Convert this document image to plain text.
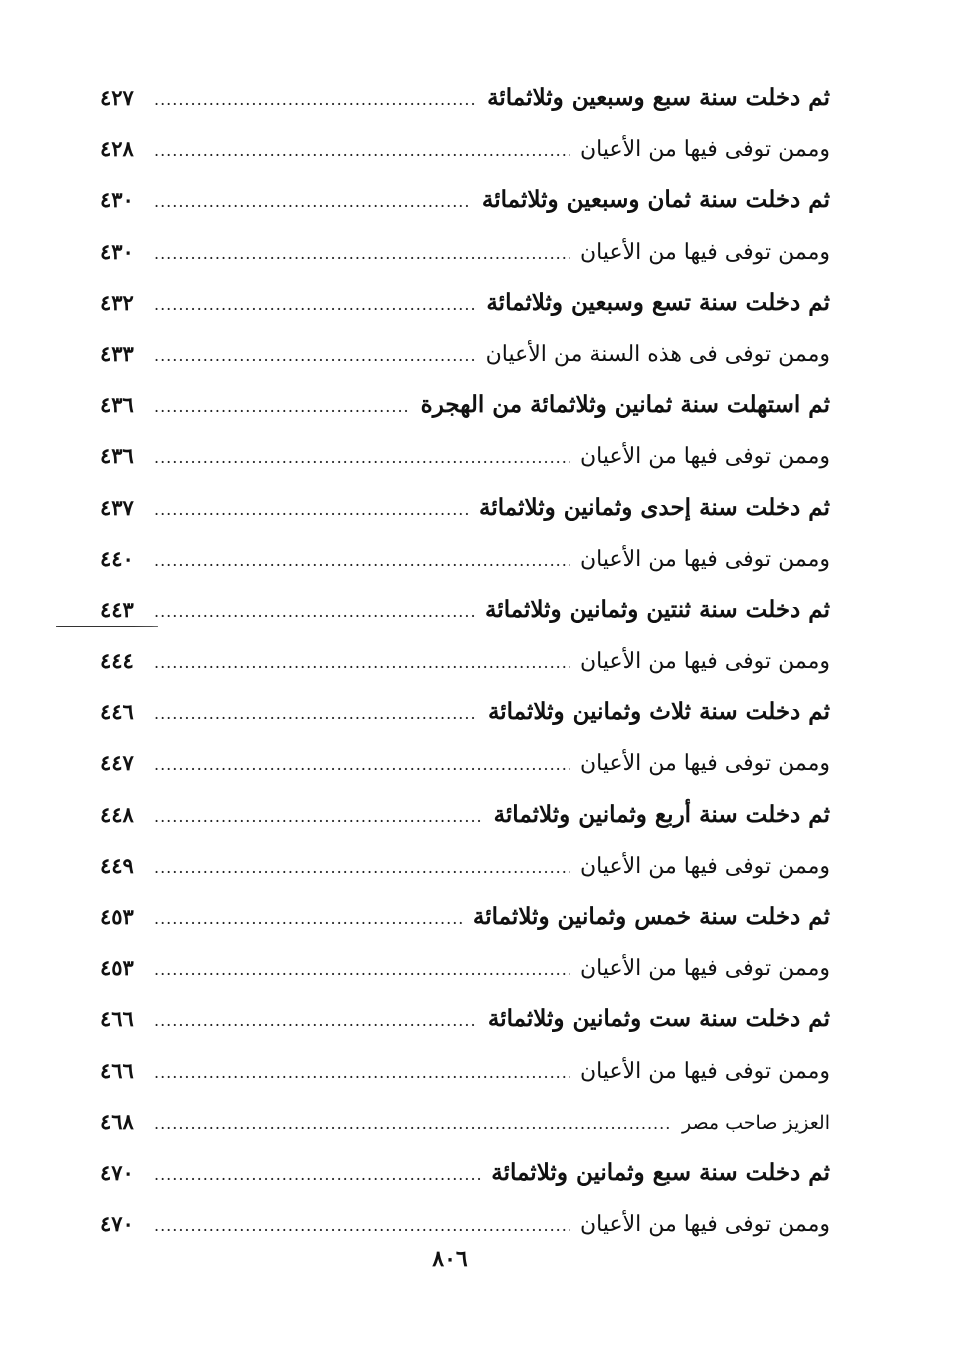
ثم دخلت سنة سبع وسبعين وثلاثمائة
.....
٤٢٧
وممن توفى فيها من الأعيان
.....
٤٢٨
ثم دخلت سنة ثمان وسبعين وثلاثمائة
.....
٤٣٠
وممن توفى فيها من الأعيان
.....
٤٣٠
ثم دخلت سنة تسع وسبعين وثلاثمائة
.....
٤٣٢
وممن توفى فى هذه السنة من الأعيان
.....
٤٣٣
ثم استهلت سنة ثمانين وثلاثمائة من الهجرة
.....
٤٣٦
وممن توفى فيها من الأعيان
.....
٤٣٦
ثم دخلت سنة إحدى وثمانين وثلاثمائة
.....
٤٣٧
وممن توفى فيها من الأعيان
.....
٤٤٠
ثم دخلت سنة ثنتين وثمانين وثلاثمائة
.....
٤٤٣
وممن توفى فيها من الأعيان
.....
٤٤٤
ثم دخلت سنة ثلاث وثمانين وثلاثمائة
.....
٤٤٦
وممن توفى فيها من الأعيان
.....
٤٤٧
ثم دخلت سنة أربع وثمانين وثلاثمائة
.....
٤٤٨
وممن توفى فيها من الأعيان
.....
٤٤٩
ثم دخلت سنة خمس وثمانين وثلاثمائة
.....
٤٥٣
وممن توفى فيها من الأعيان
.....
٤٥٣
ثم دخلت سنة ست وثمانين وثلاثمائة
.....
٤٦٦
وممن توفى فيها من الأعيان
.....
٤٦٦
العزيز صاحب مصر
.....
٤٦٨
ثم دخلت سنة سبع وثمانين وثلاثمائة
.....
٤٧٠
وممن توفى فيها من الأعيان
.....
٤٧٠
٨٠٦
